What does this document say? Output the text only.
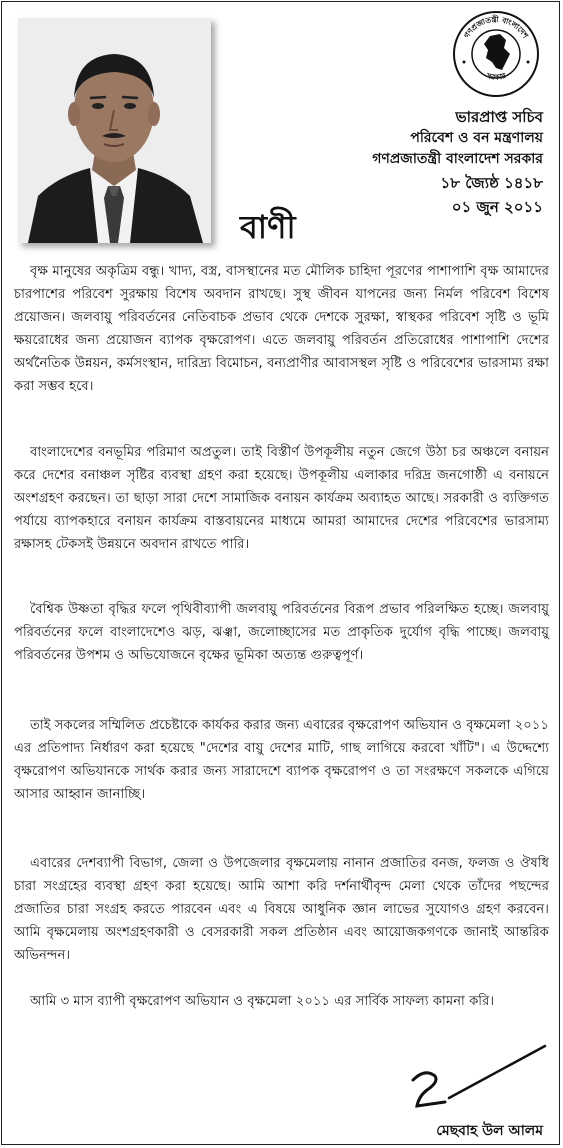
গণপ্রজাতন্ত্রী বাংলাদেশ
সরকার
ভারপ্রাপ্ত সচিব
পরিবেশ ও বন মন্ত্রণালয়
গণপ্রজাতন্ত্রী বাংলাদেশ সরকার
১৮ জ্যৈষ্ঠ ১৪১৮
০১ জুন ২০১১
বাণী

বৃক্ষ মানুষের অকৃত্রিম বন্ধু। খাদ্য, বস্ত্র, বাসস্থানের মত মৌলিক চাহিদা পূরণের পাশাপাশি বৃক্ষ আমাদের চারপাশের পরিবেশ সুরক্ষায় বিশেষ অবদান রাখছে। সুস্থ জীবন যাপনের জন্য নির্মল পরিবেশ বিশেষ প্রয়োজন। জলবায়ু পরিবর্তনের নেতিবাচক প্রভাব থেকে দেশকে সুরক্ষা, স্বাস্থকর পরিবেশ সৃষ্টি ও ভূমি ক্ষয়রোধের জন্য প্রয়োজন ব্যাপক বৃক্ষরোপণ। এতে জলবায়ু পরিবর্তন প্রতিরোধের পাশাপাশি দেশের অর্থনৈতিক উন্নয়ন, কর্মসংস্থান, দারিদ্র্য বিমোচন, বন্যপ্রাণীর আবাসস্থল সৃষ্টি ও পরিবেশের ভারসাম্য রক্ষা করা সম্ভব হবে।

বাংলাদেশের বনভূমির পরিমাণ অপ্রতুল। তাই বিস্তীর্ণ উপকূলীয় নতুন জেগে উঠা চর অঞ্চলে বনায়ন করে দেশের বনাঞ্চল সৃষ্টির ব্যবস্থা গ্রহণ করা হয়েছে। উপকূলীয় এলাকার দরিদ্র জনগোষ্ঠী এ বনায়নে অংশগ্রহণ করছেন। তা ছাড়া সারা দেশে সামাজিক বনায়ন কার্যক্রম অব্যাহত আছে। সরকারী ও ব্যক্তিগত পর্যায়ে ব্যাপকহারে বনায়ন কার্যক্রম বাস্তবায়নের মাধ্যমে আমরা আমাদের দেশের পরিবেশের ভারসাম্য রক্ষাসহ টেকসই উন্নয়নে অবদান রাখতে পারি।

বৈশ্বিক উষ্ণতা বৃদ্ধির ফলে পৃথিবীব্যাপী জলবায়ু পরিবর্তনের বিরূপ প্রভাব পরিলক্ষিত হচ্ছে। জলবায়ু পরিবর্তনের ফলে বাংলাদেশেও ঝড়, ঝঞ্ঝা, জলোচ্ছাসের মত প্রাকৃতিক দুর্যোগ বৃদ্ধি পাচ্ছে। জলবায়ু পরিবর্তনের উপশম ও অভিযোজনে বৃক্ষের ভূমিকা অত্যন্ত গুরুত্বপূর্ণ।

তাই সকলের সম্মিলিত প্রচেষ্টাকে কার্যকর করার জন্য এবারের বৃক্ষরোপণ অভিযান ও বৃক্ষমেলা ২০১১ এর প্রতিপাদ্য নির্ধারণ করা হয়েছে "দেশের বায়ু দেশের মাটি, গাছ লাগিয়ে করবো খাঁটি"। এ উদ্দেশ্যে বৃক্ষরোপণ অভিযানকে সার্থক করার জন্য সারাদেশে ব্যাপক বৃক্ষরোপণ ও তা সংরক্ষণে সকলকে এগিয়ে আসার আহ্বান জানাচ্ছি।

এবারের দেশব্যাপী বিভাগ, জেলা ও উপজেলার বৃক্ষমেলায় নানান প্রজাতির বনজ, ফলজ ও ঔষধি চারা সংগ্রহের ব্যবস্থা গ্রহণ করা হয়েছে। আমি আশা করি দর্শনার্থীবৃন্দ মেলা থেকে তাঁদের পছন্দের প্রজাতির চারা সংগ্রহ করতে পারবেন এবং এ বিষয়ে আধুনিক জ্ঞান লাভের সুযোগও গ্রহণ করবেন। আমি বৃক্ষমেলায় অংশগ্রহণকারী ও বেসরকারী সকল প্রতিষ্ঠান এবং আয়োজকগণকে জানাই আন্তরিক অভিনন্দন।

আমি ৩ মাস ব্যাপী বৃক্ষরোপণ অভিযান ও বৃক্ষমেলা ২০১১ এর সার্বিক সাফল্য কামনা করি।

মেছবাহ উল আলম
